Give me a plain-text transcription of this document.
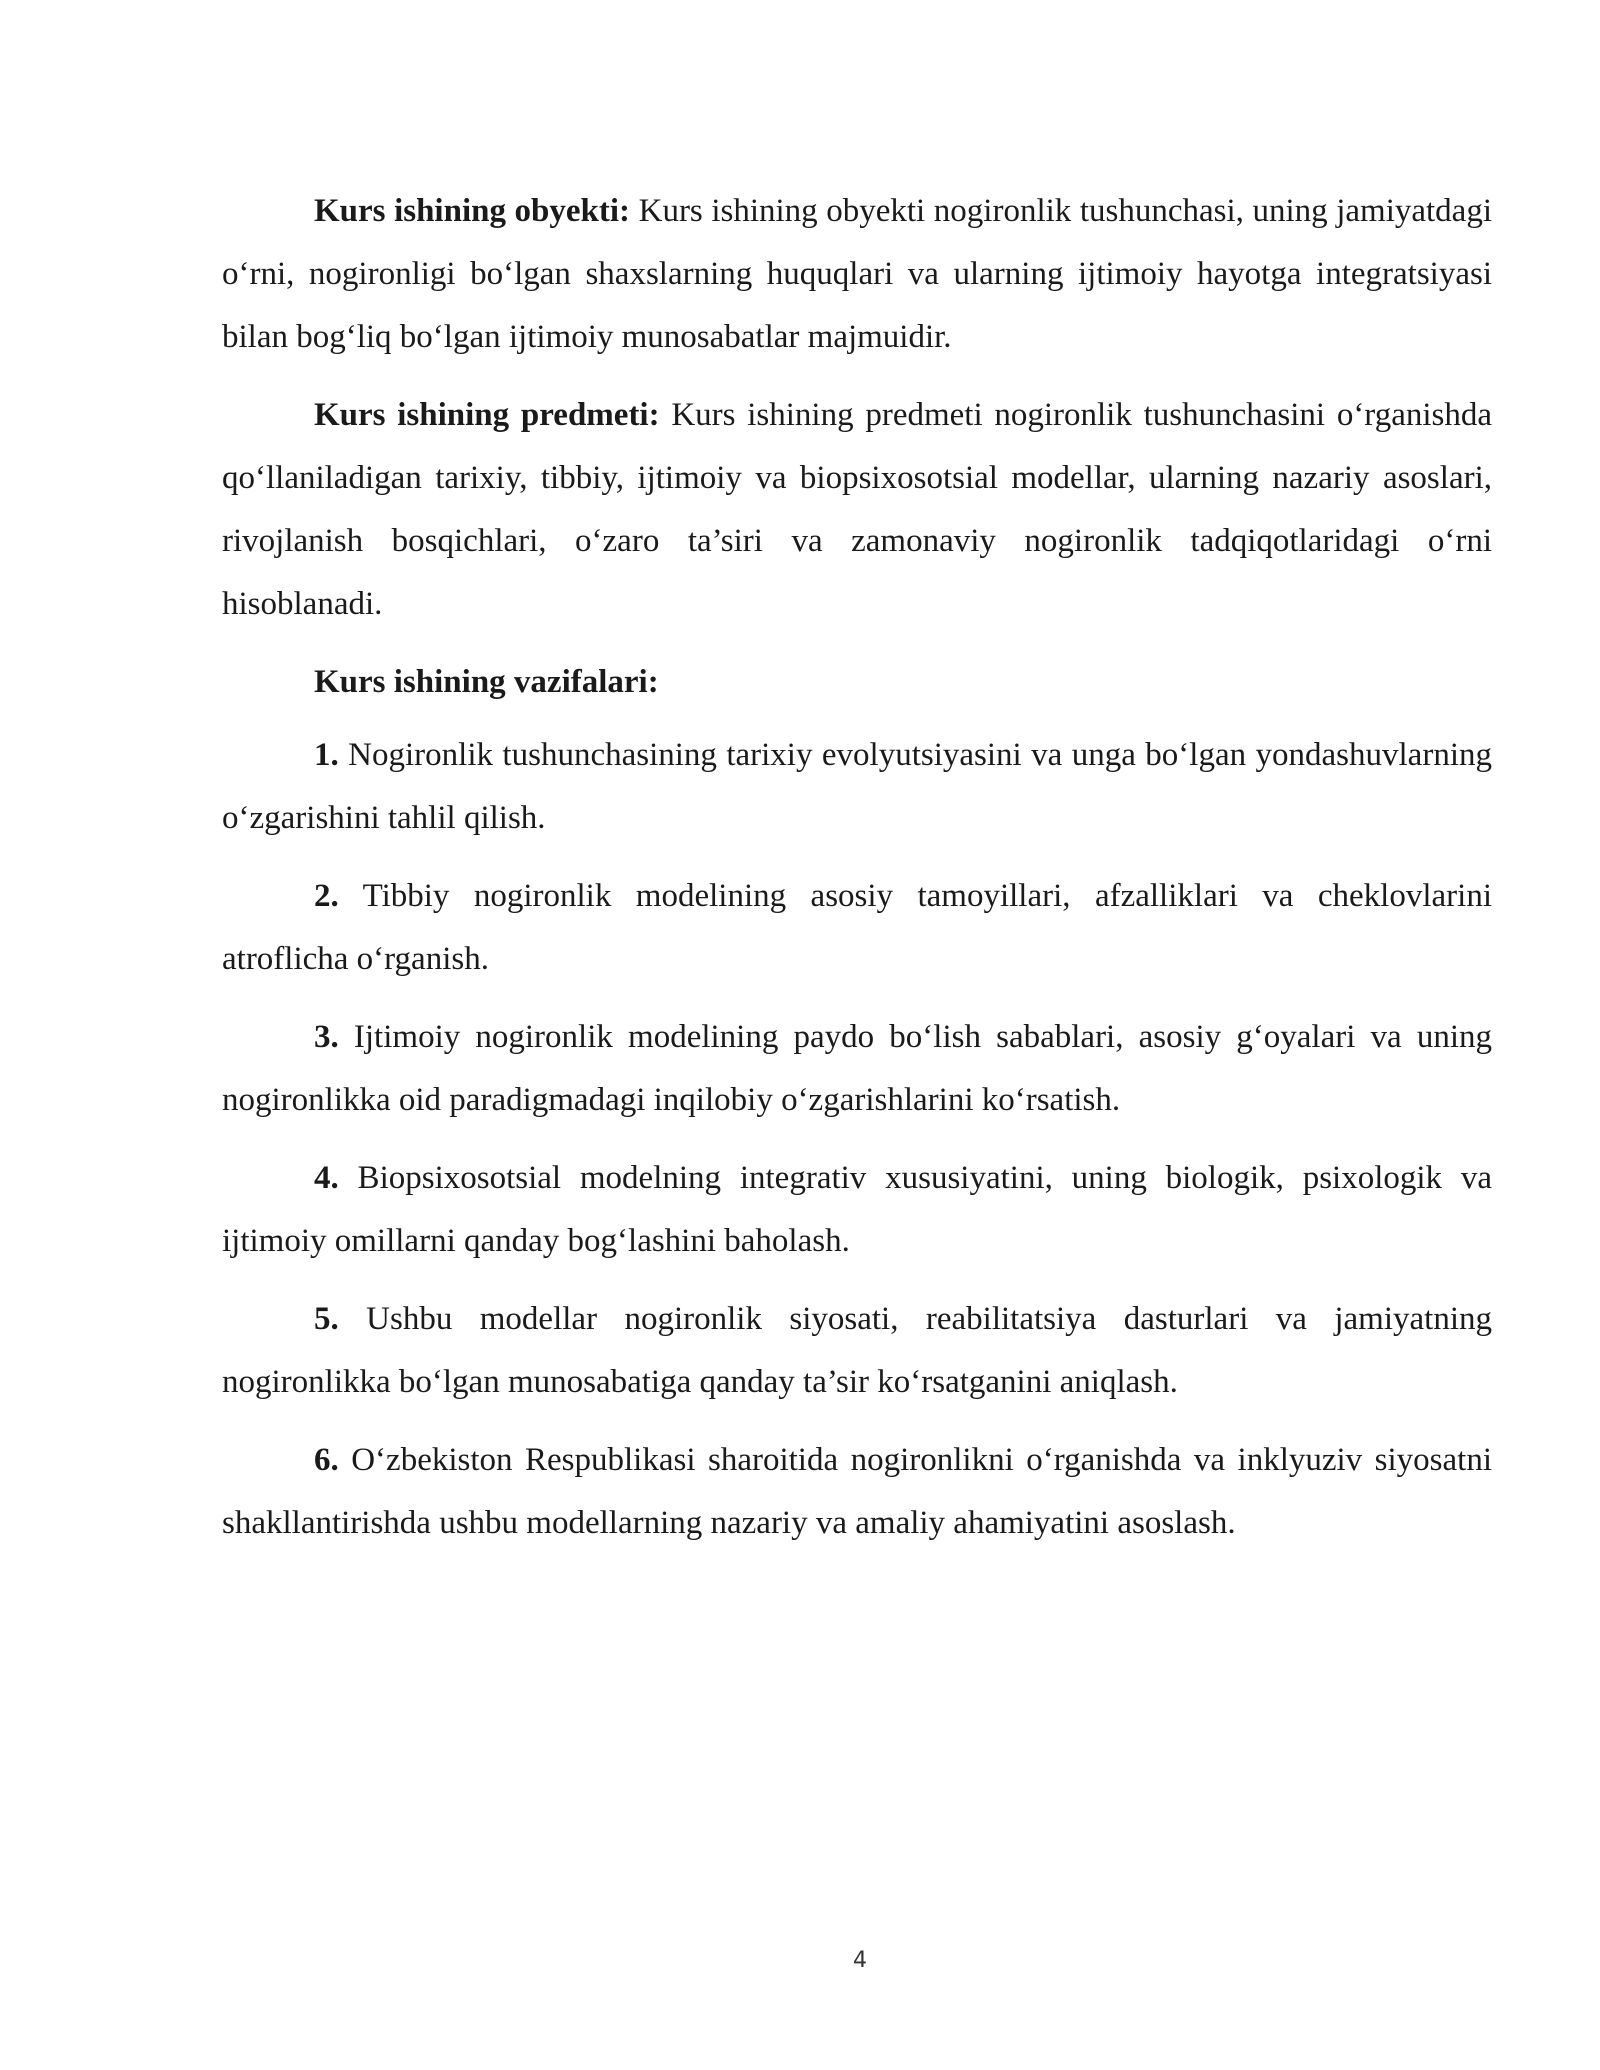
Kurs ishining obyekti: Kurs ishining obyekti nogironlik tushunchasi, uning jamiyatdagi o‘rni, nogironligi bo‘lgan shaxslarning huquqlari va ularning ijtimoiy hayotga integratsiyasi bilan bog‘liq bo‘lgan ijtimoiy munosabatlar majmuidir.

Kurs ishining predmeti: Kurs ishining predmeti nogironlik tushunchasini o‘rganishda qo‘llaniladigan tarixiy, tibbiy, ijtimoiy va biopsixosotsial modellar, ularning nazariy asoslari, rivojlanish bosqichlari, o‘zaro ta’siri va zamonaviy nogironlik tadqiqotlaridagi o‘rni hisoblanadi.

Kurs ishining vazifalari:

1. Nogironlik tushunchasining tarixiy evolyutsiyasini va unga bo‘lgan yondashuvlarning o‘zgarishini tahlil qilish.

2. Tibbiy nogironlik modelining asosiy tamoyillari, afzalliklari va cheklovlarini atroflicha o‘rganish.

3. Ijtimoiy nogironlik modelining paydo bo‘lish sabablari, asosiy g‘oyalari va uning nogironlikka oid paradigmadagi inqilobiy o‘zgarishlarini ko‘rsatish.

4. Biopsixosotsial modelning integrativ xususiyatini, uning biologik, psixologik va ijtimoiy omillarni qanday bog‘lashini baholash.

5. Ushbu modellar nogironlik siyosati, reabilitatsiya dasturlari va jamiyatning nogironlikka bo‘lgan munosabatiga qanday ta’sir ko‘rsatganini aniqlash.

6. O‘zbekiston Respublikasi sharoitida nogironlikni o‘rganishda va inklyuziv siyosatni shakllantirishda ushbu modellarning nazariy va amaliy ahamiyatini asoslash.

4
